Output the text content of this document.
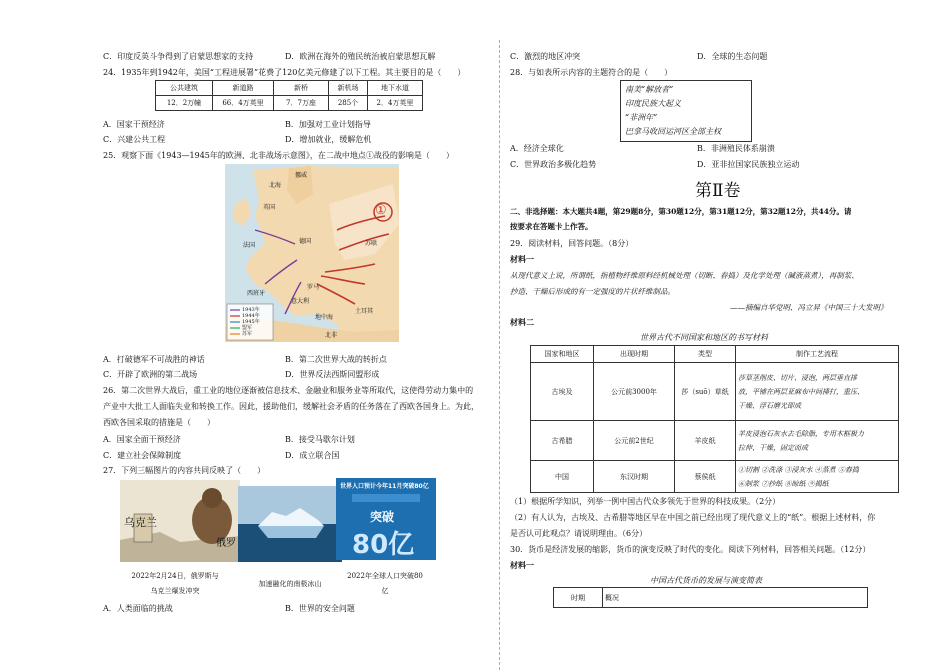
C．印度反英斗争得到了启蒙思想家的支持	D．欧洲在海外的殖民统治被启蒙思想瓦解
24．1935年到1942年，美国“工程进展署”花费了120亿美元修建了以下工程。其主要目的是（　　）
公共建筑	新道路	新桥	新机场	地下水道
12．2万幢	66．4万英里	7．7万座	285个	2．4万英里
A．国家干预经济	B．加强对工业计划指导
C．兴建公共工程	D．增加就业，缓解危机
25．观察下面《1943—1945年的欧洲、北非战场示意图》，在二战中地点①战役的影响是（　　）
①
英国
法国
意大利
德国
北海
北非
挪威
地中海
西班牙
罗马
苏联
土耳其
1943年
1944年
1945年
盟军
苏军
A．打破德军不可战胜的神话	B．第二次世界大战的转折点
C．开辟了欧洲的第二战场	D．世界反法西斯同盟形成
26．第二次世界大战后，重工业的地位逐渐被信息技术、金融业和服务业等所取代，这使得劳动力集中的
产业中大批工人面临失业和转换工作。因此，援助他们，缓解社会矛盾的任务落在了西欧各国身上。为此，
西欧各国采取的措施是（　　）
A．国家全面干预经济	B．接受马歇尔计划
C．建立社会保障制度	D．成立联合国
27．下列三幅图片的内容共同反映了（　　）
乌克兰
俄罗
世界人口预计今年11月突破80亿
突破
80亿
2022年2月24日，俄罗斯与
乌克兰爆发冲突
加速融化的南极冰山
2022年全球人口突破80
亿
A．人类面临的挑战	B．世界的安全问题
C．激烈的地区冲突	D．全球的生态问题
28．与如表所示内容的主题符合的是（　　）
南美“解放者”
印度民族大起义
“非洲年”
巴拿马收回运河区全部主权
A．经济全球化	B．非洲殖民体系崩溃
C．世界政治多极化趋势	D．亚非拉国家民族独立运动
第Ⅱ卷
二、非选择题：本大题共4题，第29题8分，第30题12分，第31题12分，第32题12分，共44分。请
按要求在答题卡上作答。
29．阅读材料，回答问题。（8分）
材料一
从现代意义上说，所谓纸，指植物纤维原料经机械处理（切断、舂捣）及化学处理（碱液蒸煮），再制浆、
抄造、干燥后形成的有一定强度的片状纤维制品。
——摘编自华觉明、冯立昇《中国三十大发明》
材料二
世界古代不同国家和地区的书写材料
国家和地区	出现时期	类型	制作工艺流程
古埃及	公元前3000年	莎（suō）草纸	莎草茎削皮、切片、浸泡，两层垂直排
放，平铺在两层亚麻布中间捶打，重压、
干燥、浮石磨光即成

古希腊	公元前2世纪	羊皮纸	羊皮浸泡石灰水去毛除脂，专用木框极力
拉伸、干燥，固定而成

中国	东汉时期	蔡侯纸	①切割 ②洗涤 ③浸灰水 ④蒸煮 ⑤舂捣
⑥制浆 ⑦抄纸 ⑧晾纸 ⑨揭纸
（1）根据所学知识，列举一例中国古代众多领先于世界的科技成果。（2分）
（2）有人认为，古埃及、古希腊等地区早在中国之前已经出现了现代意义上的“纸”。根据上述材料，你
是否认可此观点？请说明理由。（6分）
30．货币是经济发展的缩影，货币的演变反映了时代的变化。阅读下列材料，回答相关问题。（12分）
材料一
中国古代货币的发展与演变简表
时期	概况
